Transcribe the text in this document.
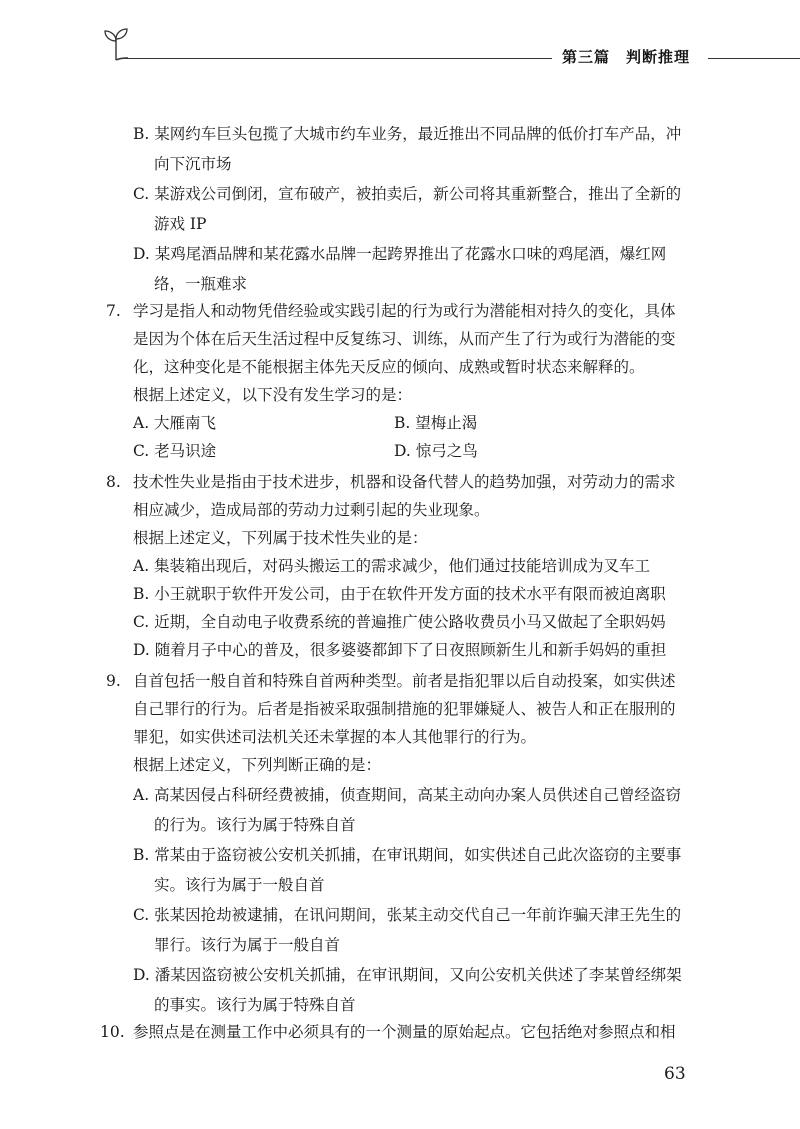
第三篇　判断推理
B. 某网约车巨头包揽了大城市约车业务，最近推出不同品牌的低价打车产品，冲
向下沉市场
C. 某游戏公司倒闭，宣布破产，被拍卖后，新公司将其重新整合，推出了全新的
游戏 IP
D. 某鸡尾酒品牌和某花露水品牌一起跨界推出了花露水口味的鸡尾酒，爆红网
络，一瓶难求
7. 学习是指人和动物凭借经验或实践引起的行为或行为潜能相对持久的变化，具体
是因为个体在后天生活过程中反复练习、训练，从而产生了行为或行为潜能的变
化，这种变化是不能根据主体先天反应的倾向、成熟或暂时状态来解释的。
根据上述定义，以下没有发生学习的是：
A. 大雁南飞	B. 望梅止渴
C. 老马识途	D. 惊弓之鸟
8. 技术性失业是指由于技术进步，机器和设备代替人的趋势加强，对劳动力的需求
相应减少，造成局部的劳动力过剩引起的失业现象。
根据上述定义，下列属于技术性失业的是：
A. 集装箱出现后，对码头搬运工的需求减少，他们通过技能培训成为叉车工
B. 小王就职于软件开发公司，由于在软件开发方面的技术水平有限而被迫离职
C. 近期，全自动电子收费系统的普遍推广使公路收费员小马又做起了全职妈妈
D. 随着月子中心的普及，很多婆婆都卸下了日夜照顾新生儿和新手妈妈的重担
9. 自首包括一般自首和特殊自首两种类型。前者是指犯罪以后自动投案，如实供述
自己罪行的行为。后者是指被采取强制措施的犯罪嫌疑人、被告人和正在服刑的
罪犯，如实供述司法机关还未掌握的本人其他罪行的行为。
根据上述定义，下列判断正确的是：
A. 高某因侵占科研经费被捕，侦查期间，高某主动向办案人员供述自己曾经盗窃
的行为。该行为属于特殊自首
B. 常某由于盗窃被公安机关抓捕，在审讯期间，如实供述自己此次盗窃的主要事
实。该行为属于一般自首
C. 张某因抢劫被逮捕，在讯问期间，张某主动交代自己一年前诈骗天津王先生的
罪行。该行为属于一般自首
D. 潘某因盗窃被公安机关抓捕，在审讯期间，又向公安机关供述了李某曾经绑架
的事实。该行为属于特殊自首
10. 参照点是在测量工作中必须具有的一个测量的原始起点。它包括绝对参照点和相
63
